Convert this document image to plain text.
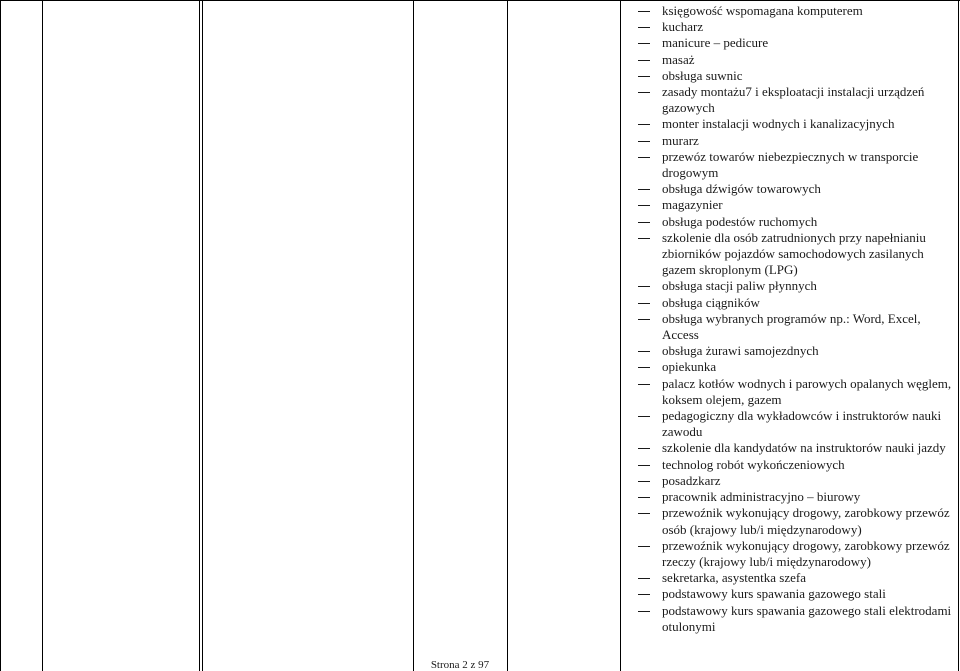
księgowość wspomagana komputerem
kucharz
manicure – pedicure
masaż
obsługa suwnic
zasady montażu7 i eksploatacji instalacji urządzeń gazowych
monter instalacji wodnych i kanalizacyjnych
murarz
przewóz towarów niebezpiecznych w transporcie drogowym
obsługa dźwigów towarowych
magazynier
obsługa podestów ruchomych
szkolenie dla osób zatrudnionych przy napełnianiu zbiorników pojazdów samochodowych zasilanych gazem skroplonym (LPG)
obsługa stacji paliw płynnych
obsługa ciągników
obsługa wybranych programów np.: Word, Excel, Access
obsługa żurawi samojezdnych
opiekunka
palacz kotłów wodnych i parowych opalanych węglem, koksem olejem, gazem
pedagogiczny dla wykładowców i instruktorów nauki zawodu
szkolenie dla kandydatów na instruktorów nauki jazdy
technolog robót wykończeniowych
posadzkarz
pracownik administracyjno – biurowy
przewoźnik wykonujący drogowy, zarobkowy przewóz osób (krajowy lub/i międzynarodowy)
przewoźnik wykonujący drogowy, zarobkowy przewóz rzeczy (krajowy lub/i międzynarodowy)
sekretarka, asystentka szefa
podstawowy kurs spawania gazowego stali
podstawowy kurs spawania gazowego stali elektrodami otulonymi
Strona 2 z 97
